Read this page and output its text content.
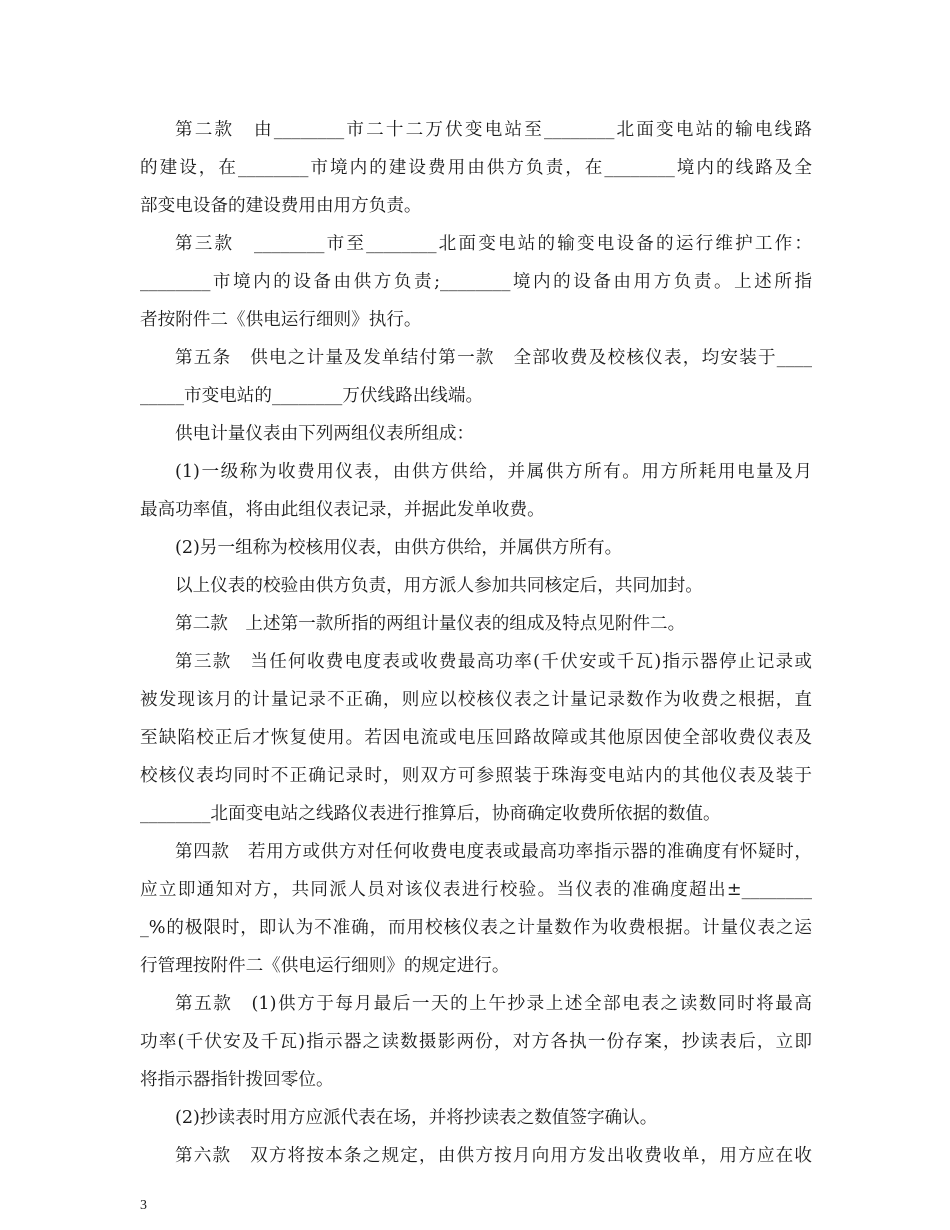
第二款　由________市二十二万伏变电站至________北面变电站的输电线路
的建设，在________市境内的建设费用由供方负责，在________境内的线路及全
部变电设备的建设费用由用方负责。
第三款　________市至________北面变电站的输变电设备的运行维护工作：
________市境内的设备由供方负责;________境内的设备由用方负责。上述所指
者按附件二《供电运行细则》执行。
第五条　供电之计量及发单结付第一款　全部收费及校核仪表，均安装于____
_____市变电站的________万伏线路出线端。
供电计量仪表由下列两组仪表所组成：
(1)一级称为收费用仪表，由供方供给，并属供方所有。用方所耗用电量及月
最高功率值，将由此组仪表记录，并据此发单收费。
(2)另一组称为校核用仪表，由供方供给，并属供方所有。
以上仪表的校验由供方负责，用方派人参加共同核定后，共同加封。
第二款　上述第一款所指的两组计量仪表的组成及特点见附件二。
第三款　当任何收费电度表或收费最高功率(千伏安或千瓦)指示器停止记录或
被发现该月的计量记录不正确，则应以校核仪表之计量记录数作为收费之根据，直
至缺陷校正后才恢复使用。若因电流或电压回路故障或其他原因使全部收费仪表及
校核仪表均同时不正确记录时，则双方可参照装于珠海变电站内的其他仪表及装于
________北面变电站之线路仪表进行推算后，协商确定收费所依据的数值。
第四款　若用方或供方对任何收费电度表或最高功率指示器的准确度有怀疑时，
应立即通知对方，共同派人员对该仪表进行校验。当仪表的准确度超出±________
_%的极限时，即认为不准确，而用校核仪表之计量数作为收费根据。计量仪表之运
行管理按附件二《供电运行细则》的规定进行。
第五款　(1)供方于每月最后一天的上午抄录上述全部电表之读数同时将最高
功率(千伏安及千瓦)指示器之读数摄影两份，对方各执一份存案，抄读表后，立即
将指示器指针拨回零位。
(2)抄读表时用方应派代表在场，并将抄读表之数值签字确认。
第六款　双方将按本条之规定，由供方按月向用方发出收费收单，用方应在收
3
